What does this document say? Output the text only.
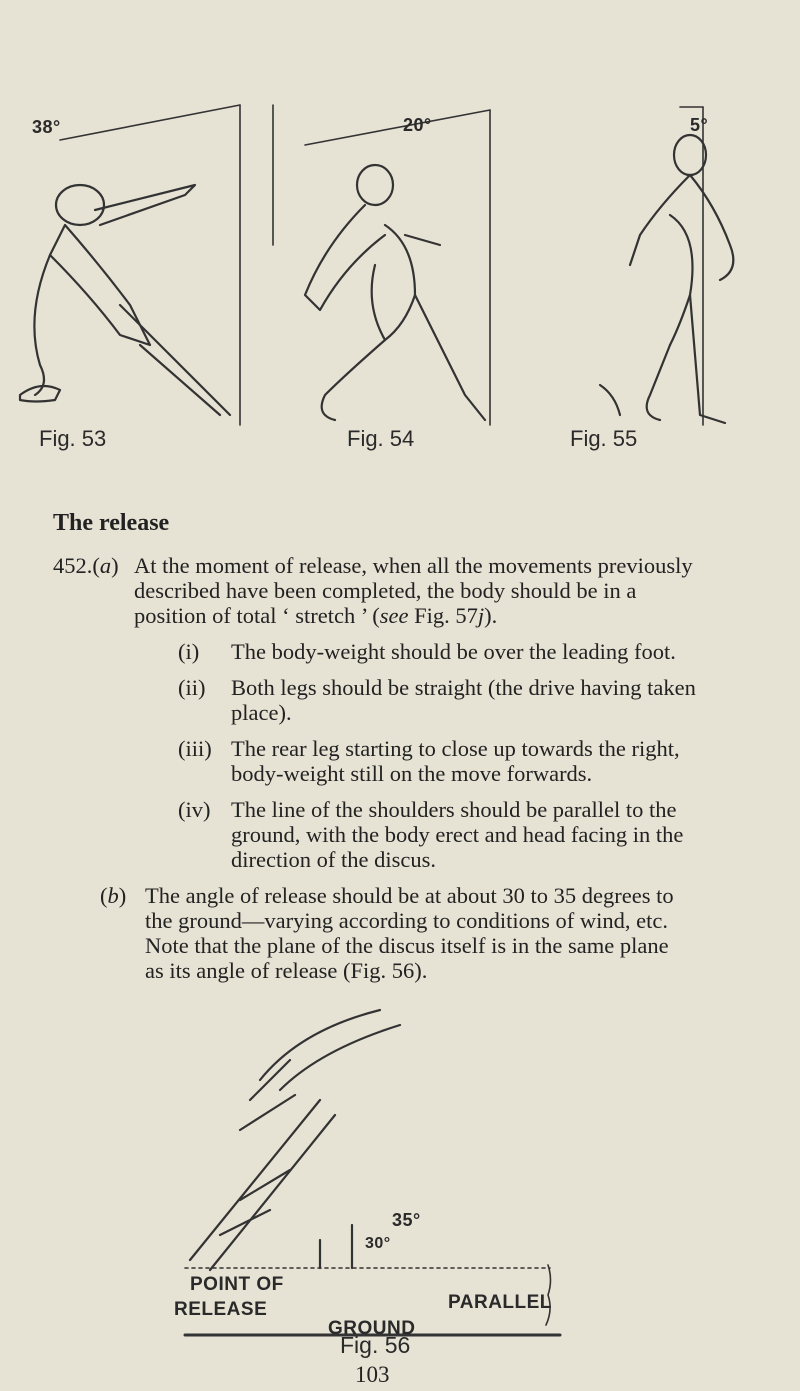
38°
Fig. 53
20°
Fig. 54
5°
Fig. 55
The release
452.(a) At the moment of release, when all the movements previously
described have been completed, the body should be in a
position of total ‘ stretch ’ (see Fig. 57j).
(i) The body-weight should be over the leading foot.
(ii) Both legs should be straight (the drive having taken
place).
(iii) The rear leg starting to close up towards the right,
body-weight still on the move forwards.
(iv) The line of the shoulders should be parallel to the
ground, with the body erect and head facing in the
direction of the discus.
(b) The angle of release should be at about 30 to 35 degrees to
the ground—varying according to conditions of wind, etc.
Note that the plane of the discus itself is in the same plane
as its angle of release (Fig. 56).
35°
30°
POINT OF
RELEASE	PARALLEL
GROUND
Fig. 56
103
